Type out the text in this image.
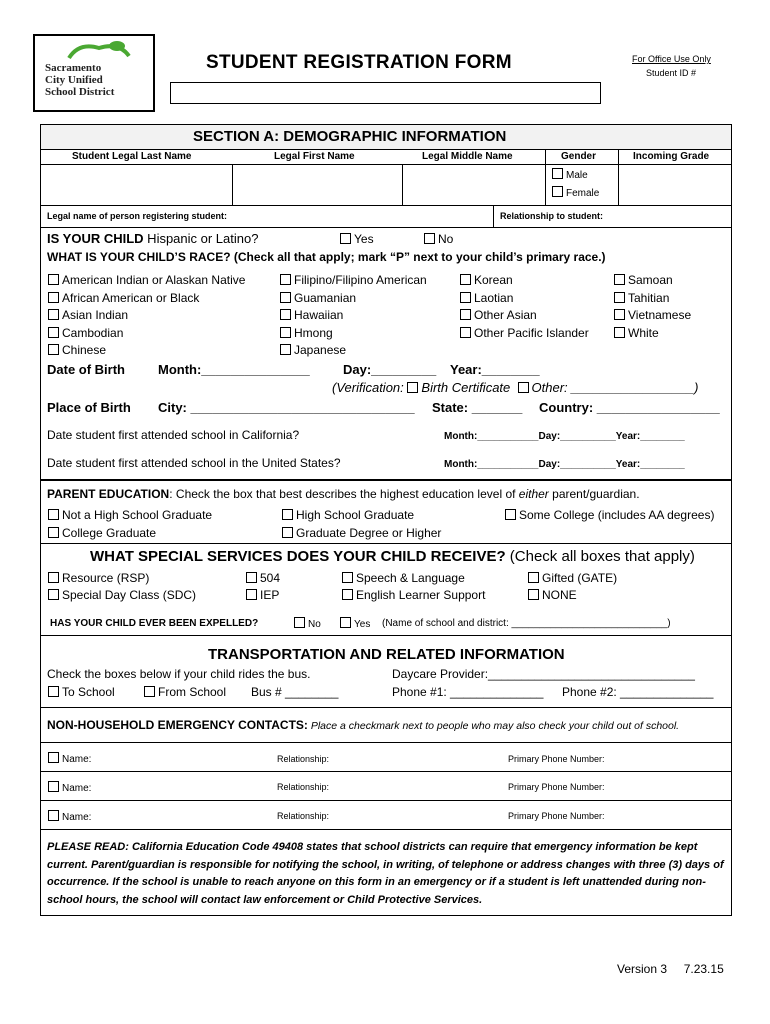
Sacramento
City Unified
School District
STUDENT REGISTRATION FORM	For Office Use Only
Student ID #
SECTION A: DEMOGRAPHIC INFORMATION
Student Legal Last Name	Legal First Name	Legal Middle Name	Gender	Incoming Grade
Male
Female
Legal name of person registering student:	Relationship to student:
IS YOUR CHILD Hispanic or Latino?	Yes	No
WHAT IS YOUR CHILD’S RACE? (Check all that apply; mark “P” next to your child’s primary race.)
American Indian or Alaskan Native
African American or Black
Asian Indian
Cambodian
Chinese
Filipino/Filipino American
Guamanian
Hawaiian
Hmong
Japanese
Korean
Laotian
Other Asian
Other Pacific Islander
Samoan
Tahitian
Vietnamese
White
Date of Birth	Month:_______________	Day:_________ Year:________
(Verification: Birth Certificate Other: _________________)
Place of Birth City: _______________________________ State: _______ Country: _________________
Date student first attended school in California?	Month:___________Day:__________Year:________
Date student first attended school in the United States?	Month:___________Day:__________Year:________
PARENT EDUCATION: Check the box that best describes the highest education level of either parent/guardian.
Not a High School Graduate	High School Graduate	Some College (includes AA degrees)
College Graduate	Graduate Degree or Higher
WHAT SPECIAL SERVICES DOES YOUR CHILD RECEIVE? (Check all boxes that apply)
Resource (RSP)	504	Speech & Language	Gifted (GATE)
Special Day Class (SDC)	IEP	English Learner Support	NONE
HAS YOUR CHILD EVER BEEN EXPELLED?	No	Yes (Name of school and district: ____________________________)
TRANSPORTATION AND RELATED INFORMATION
Check the boxes below if your child rides the bus.
To School	From School Bus # ________
Daycare Provider:_______________________________
Phone #1: ______________ Phone #2: ______________
NON-HOUSEHOLD EMERGENCY CONTACTS: Place a checkmark next to people who may also check your child out of school.
Name:	Relationship:	Primary Phone Number:
Name:	Relationship:	Primary Phone Number:
Name:	Relationship:	Primary Phone Number:
PLEASE READ: California Education Code 49408 states that school districts can require that emergency information be kept current. Parent/guardian is responsible for notifying the school, in writing, of telephone or address changes with three (3) days of occurrence. If the school is unable to reach anyone on this form in an emergency or if a student is left unattended during non-school hours, the school will contact law enforcement or Child Protective Services.
Version 3     7.23.15
